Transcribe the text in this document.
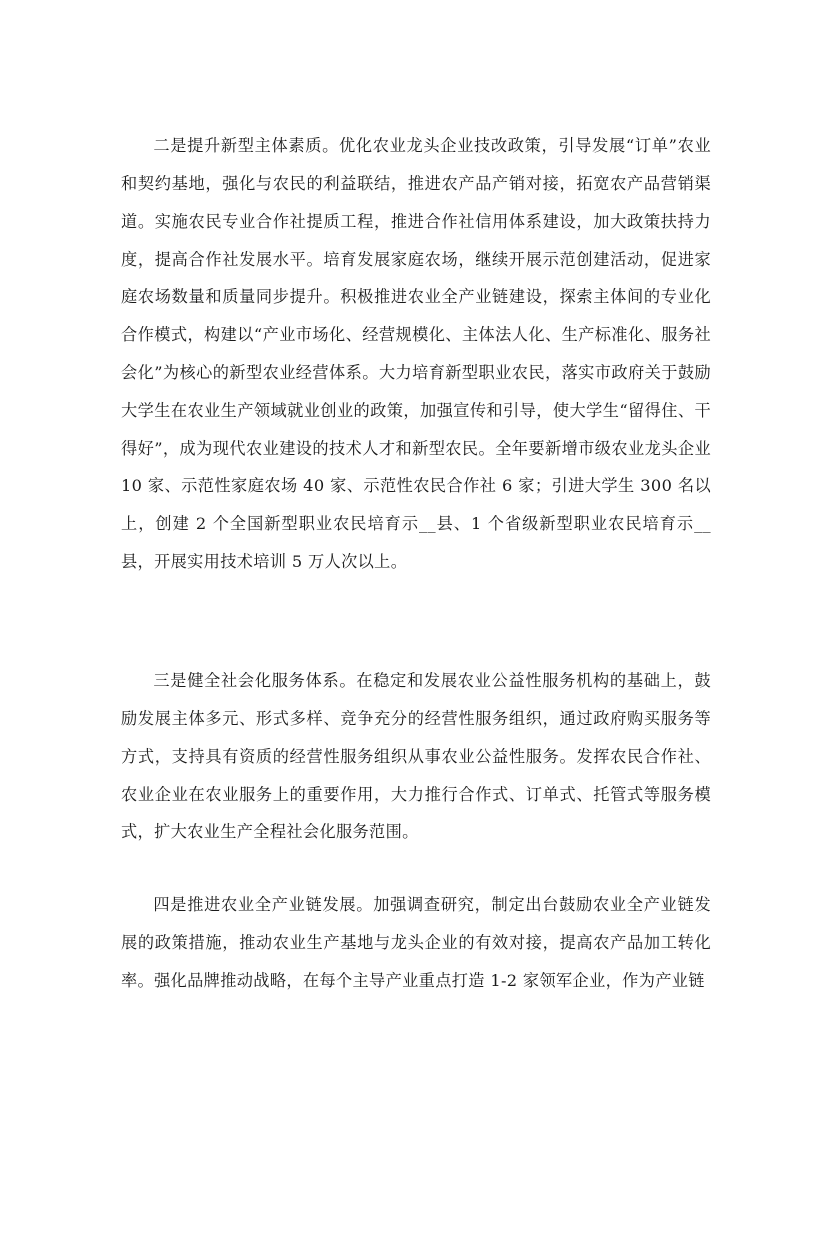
二是提升新型主体素质。优化农业龙头企业技改政策，引导发展“订单”农业和契约基地，强化与农民的利益联结，推进农产品产销对接，拓宽农产品营销渠道。实施农民专业合作社提质工程，推进合作社信用体系建设，加大政策扶持力度，提高合作社发展水平。培育发展家庭农场，继续开展示范创建活动，促进家庭农场数量和质量同步提升。积极推进农业全产业链建设，探索主体间的专业化合作模式，构建以“产业市场化、经营规模化、主体法人化、生产标准化、服务社会化”为核心的新型农业经营体系。大力培育新型职业农民，落实市政府关于鼓励大学生在农业生产领域就业创业的政策，加强宣传和引导，使大学生“留得住、干得好”，成为现代农业建设的技术人才和新型农民。全年要新增市级农业龙头企业 10 家、示范性家庭农场 40 家、示范性农民合作社 6 家；引进大学生 300 名以上，创建 2 个全国新型职业农民培育示__县、1 个省级新型职业农民培育示__县，开展实用技术培训 5 万人次以上。

三是健全社会化服务体系。在稳定和发展农业公益性服务机构的基础上，鼓励发展主体多元、形式多样、竞争充分的经营性服务组织，通过政府购买服务等方式，支持具有资质的经营性服务组织从事农业公益性服务。发挥农民合作社、农业企业在农业服务上的重要作用，大力推行合作式、订单式、托管式等服务模式，扩大农业生产全程社会化服务范围。

四是推进农业全产业链发展。加强调查研究，制定出台鼓励农业全产业链发展的政策措施，推动农业生产基地与龙头企业的有效对接，提高农产品加工转化率。强化品牌推动战略，在每个主导产业重点打造 1-2 家领军企业，作为产业链
